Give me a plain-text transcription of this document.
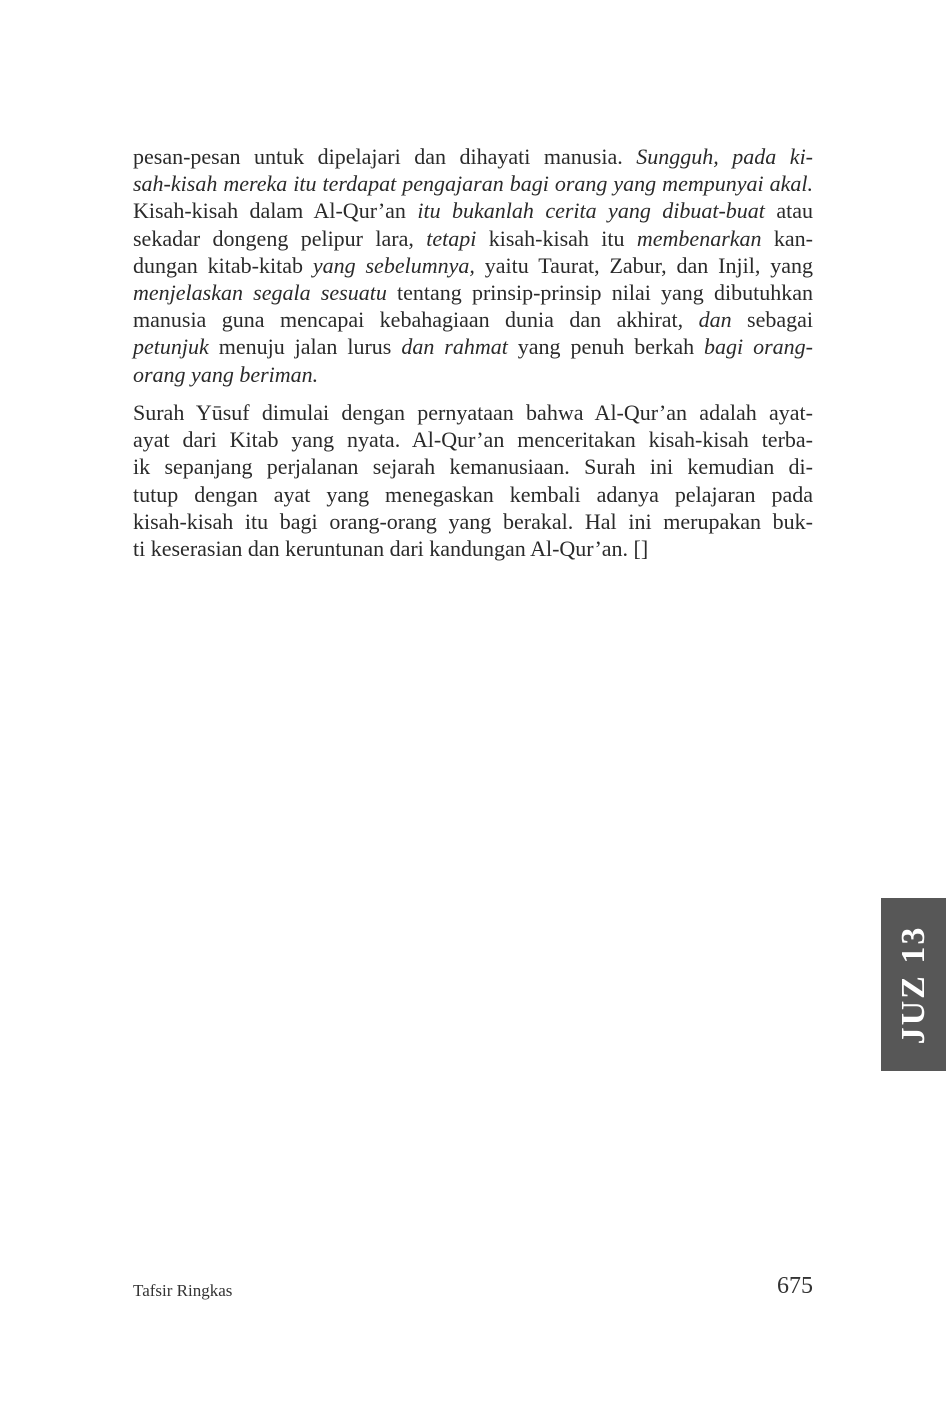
pesan-pesan untuk dipelajari dan dihayati manusia. Sungguh, pada ki-
sah-kisah mereka itu terdapat pengajaran bagi orang yang mempunyai akal.
Kisah-kisah dalam Al-Qur’an itu bukanlah cerita yang dibuat-buat atau
sekadar dongeng pelipur lara, tetapi kisah-kisah itu membenarkan kan-
dungan kitab-kitab yang sebelumnya, yaitu Taurat, Zabur, dan Injil, yang
menjelaskan segala sesuatu tentang prinsip-prinsip nilai yang dibutuhkan
manusia guna mencapai kebahagiaan dunia dan akhirat, dan sebagai
petunjuk menuju jalan lurus dan rahmat yang penuh berkah bagi orang-
orang yang beriman.
Surah Yūsuf dimulai dengan pernyataan bahwa Al-Qur’an adalah ayat-
ayat dari Kitab yang nyata. Al-Qur’an menceritakan kisah-kisah terba-
ik sepanjang perjalanan sejarah kemanusiaan. Surah ini kemudian di-
tutup dengan ayat yang menegaskan kembali adanya pelajaran pada
kisah-kisah itu bagi orang-orang yang berakal. Hal ini merupakan buk-
ti keserasian dan keruntunan dari kandungan Al-Qur’an. []
JUZ 13
Tafsir Ringkas	675
